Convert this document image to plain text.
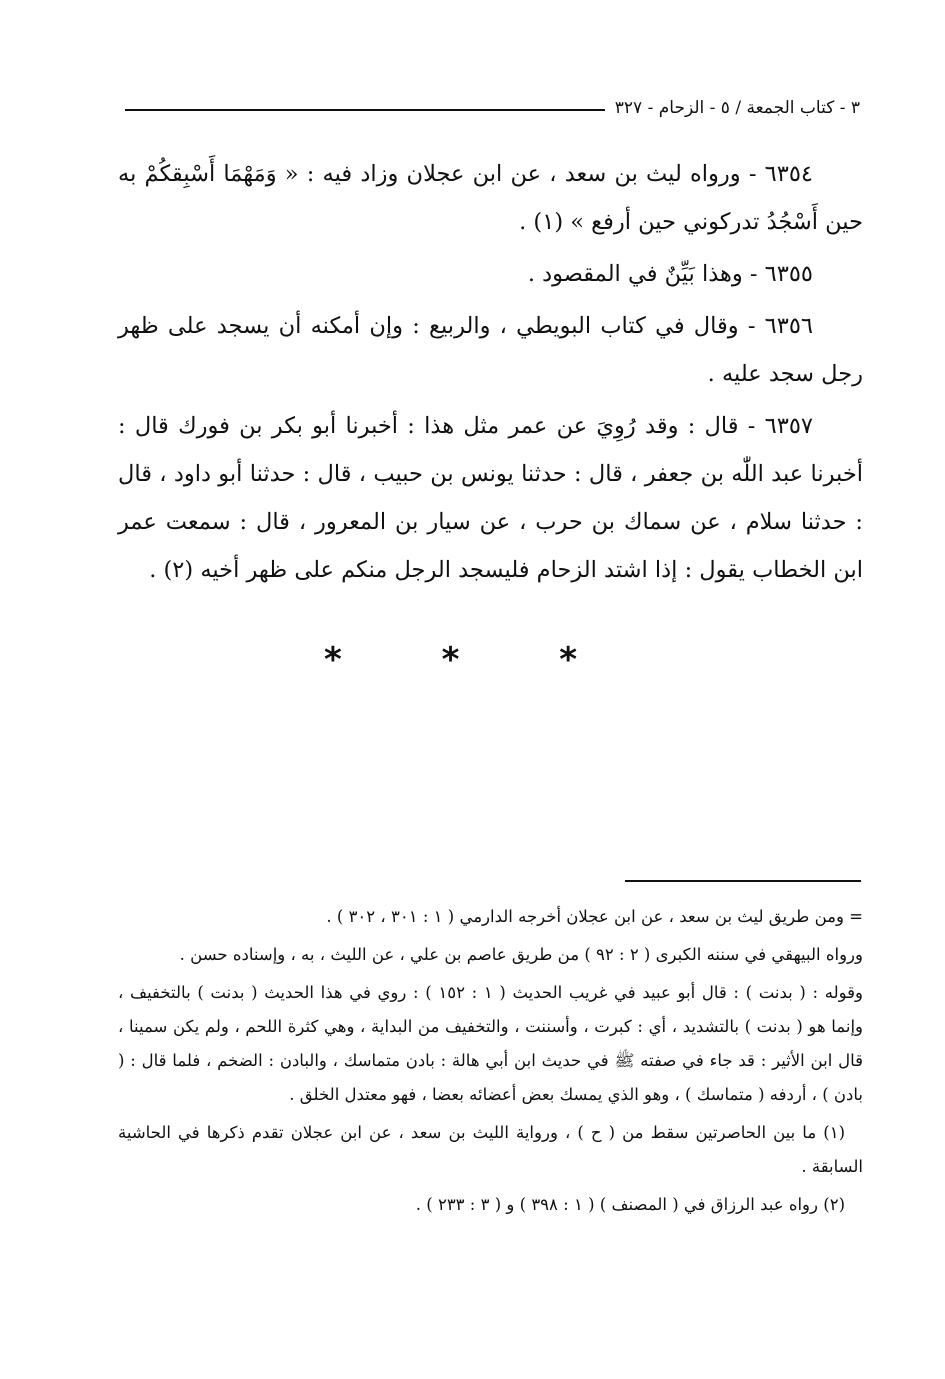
٣ - كتاب الجمعة / ٥ - الزحام - ٣٢٧

٦٣٥٤ - ورواه ليث بن سعد ، عن ابن عجلان وزاد فيه : « وَمَهْمَا أَسْبِقكُمْ به حين أَسْجُدُ تدركوني حين أرفع » (١) .

٦٣٥٥ - وهذا بَيِّنٌ في المقصود .

٦٣٥٦ - وقال في كتاب البويطي ، والربيع : وإن أمكنه أن يسجد على ظهر رجل سجد عليه .

٦٣٥٧ - قال : وقد رُوِيَ عن عمر مثل هذا : أخبرنا أبو بكر بن فورك قال : أخبرنا عبد اللّٰه بن جعفر ، قال : حدثنا يونس بن حبيب ، قال : حدثنا أبو داود ، قال : حدثنا سلام ، عن سماك بن حرب ، عن سيار بن المعرور ، قال : سمعت عمر ابن الخطاب يقول : إذا اشتد الزحام فليسجد الرجل منكم على ظهر أخيه (٢) .

* * *

= ومن طريق ليث بن سعد ، عن ابن عجلان أخرجه الدارمي ( ١ : ٣٠١ ، ٣٠٢ ) .

ورواه البيهقي في سننه الكبرى ( ٢ : ٩٢ ) من طريق عاصم بن علي ، عن الليث ، به ، وإسناده حسن .

وقوله : ( بدنت ) : قال أبو عبيد في غريب الحديث ( ١ : ١٥٢ ) : روي في هذا الحديث ( بدنت ) بالتخفيف ، وإنما هو ( بدنت ) بالتشديد ، أي : كبرت ، وأسننت ، والتخفيف من البداية ، وهي كثرة اللحم ، ولم يكن سمينا ، قال ابن الأثير : قد جاء في صفته ﷺ في حديث ابن أبي هالة : بادن متماسك ، والبادن : الضخم ، فلما قال : ( بادن ) ، أردفه ( متماسك ) ، وهو الذي يمسك بعض أعضائه بعضا ، فهو معتدل الخلق .

(١) ما بين الحاصرتين سقط من ( ح ) ، ورواية الليث بن سعد ، عن ابن عجلان تقدم ذكرها في الحاشية السابقة .

(٢) رواه عبد الرزاق في ( المصنف ) ( ١ : ٣٩٨ ) و ( ٣ : ٢٣٣ ) .
